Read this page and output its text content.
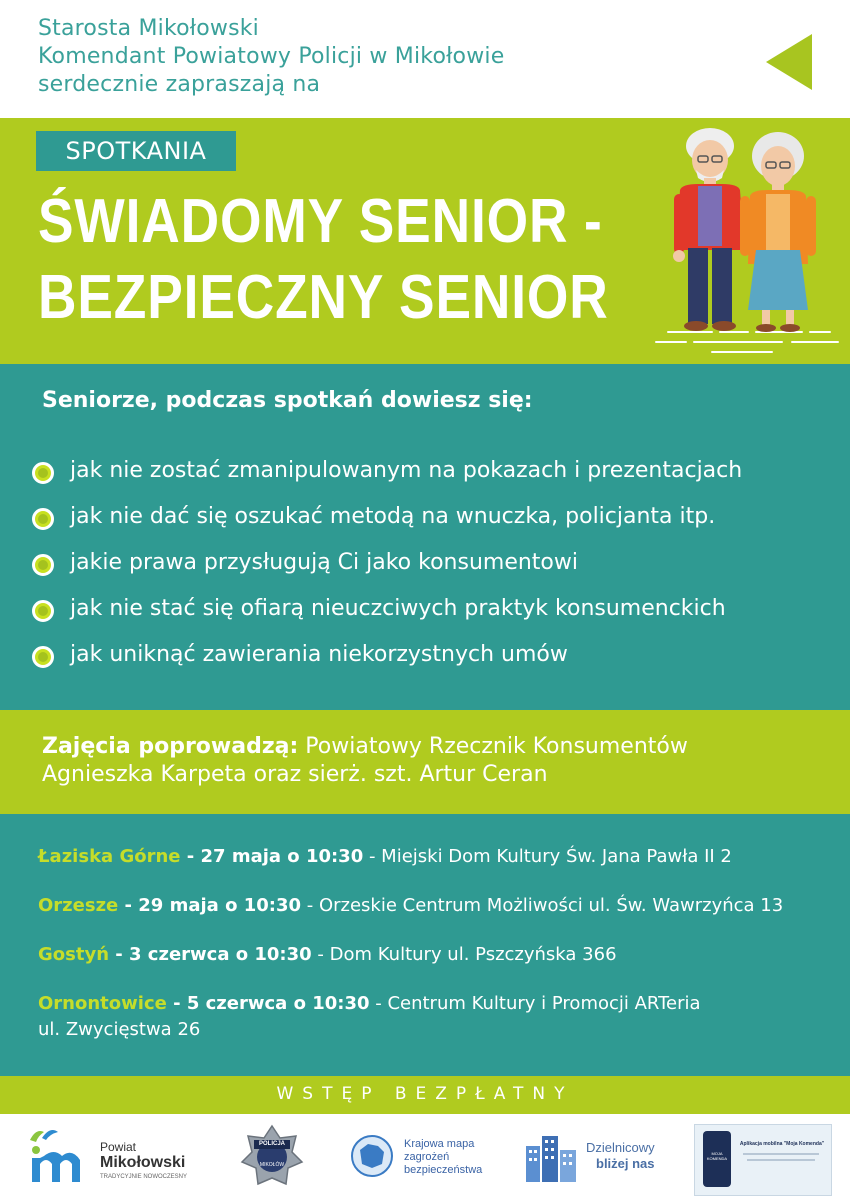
Starosta Mikołowski
Komendant Powiatowy Policji w Mikołowie
serdecznie zapraszają na
SPOTKANIA
ŚWIADOMY SENIOR -
BEZPIECZNY SENIOR
Seniorze, podczas spotkań dowiesz się:
jak nie zostać zmanipulowanym na pokazach i prezentacjach
jak nie dać się oszukać metodą na wnuczka, policjanta itp.
jakie prawa przysługują Ci jako konsumentowi
jak nie stać się ofiarą nieuczciwych praktyk konsumenckich
jak uniknąć zawierania niekorzystnych umów
Zajęcia poprowadzą: Powiatowy Rzecznik Konsumentów
Agnieszka Karpeta oraz sierż. szt. Artur Ceran
Łaziska Górne - 27 maja o 10:30 - Miejski Dom Kultury Św. Jana Pawła II 2
Orzesze - 29 maja o 10:30 - Orzeskie Centrum Możliwości ul. Św. Wawrzyńca 13
Gostyń - 3 czerwca o 10:30 - Dom Kultury ul. Pszczyńska 366
Ornontowice - 5 czerwca o 10:30 - Centrum Kultury i Promocji ARTeria
ul. Zwycięstwa 26
WSTĘP BEZPŁATNY
Powiat
Mikołowski
TRADYCYJNIE NOWOCZESNY
POLICJA
MIKOŁÓW
Krajowa mapa
zagrożeń
bezpieczeństwa
Dzielnicowy
bliżej nas
MOJA KOMENDA
Aplikacja mobilna "Moja Komenda"
